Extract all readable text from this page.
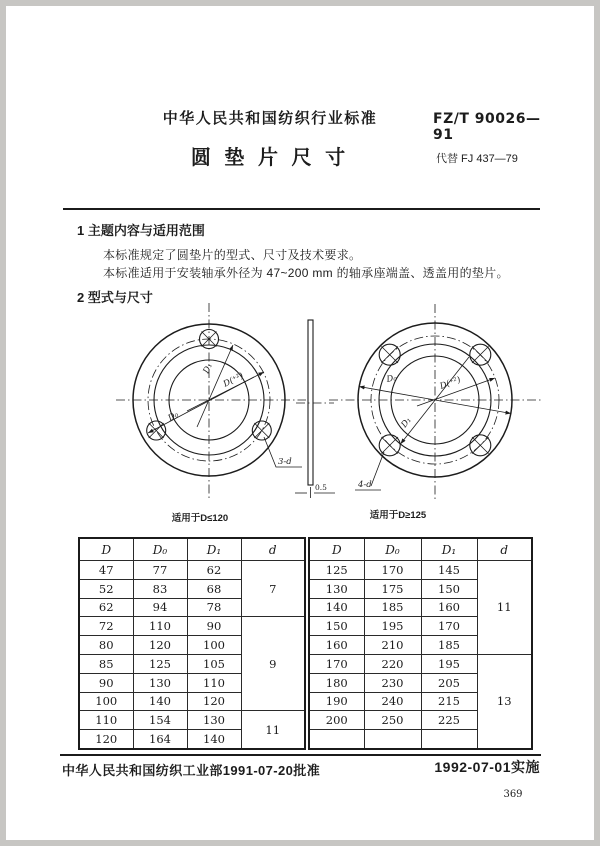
中华人民共和国纺织行业标准	FZ/T 90026—91
圆 垫 片 尺 寸	代替 FJ 437—79
1 主题内容与适用范围
本标准规定了圆垫片的型式、尺寸及技术要求。
本标准适用于安装轴承外径为 47~200 mm 的轴承座端盖、透盖用的垫片。
2 型式与尺寸
D₁
D(⁺²)
D₀
3-d
0.5
D₀	D(⁺²)
D₁
4-d
适用于D≤120	适用于D≥125
D	D₀	D₁	d
47	77	62	7
52	83	68	
62	94	78	
72	110	90	9
80	120	100	
85	125	105	
90	130	110	
100	140	120	
110	154	130	11
120	164	140	
D	D₀	D₁	d
125	170	145	11
130	175	150	
140	185	160	
150	195	170	
160	210	185	
170	220	195	13
180	230	205	
190	240	215	
200	250	225	

中华人民共和国纺织工业部1991-07-20批准	1992-07-01实施
369
